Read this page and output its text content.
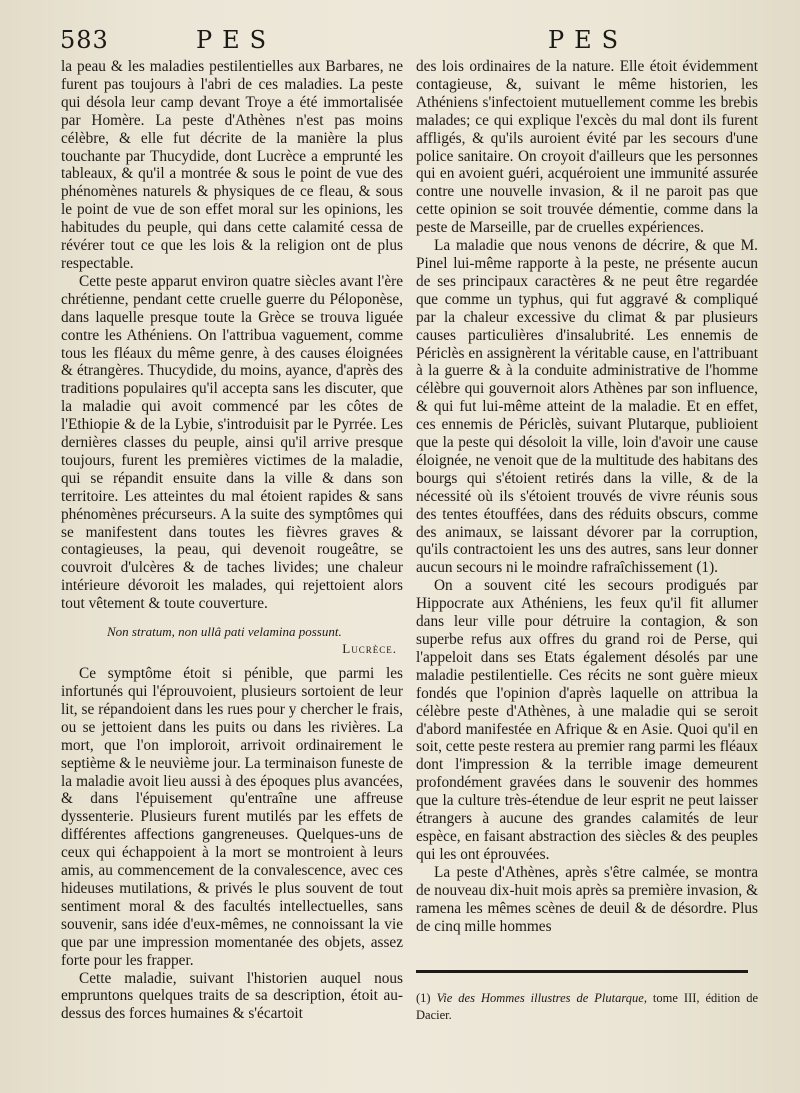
583	PES	PES

la peau & les maladies pestilentielles aux Barbares, ne furent pas toujours à l'abri de ces maladies. La peste qui désola leur camp devant Troye a été immortalisée par Homère. La peste d'Athènes n'est pas moins célèbre, & elle fut décrite de la manière la plus touchante par Thucydide, dont Lucrèce a emprunté les tableaux, & qu'il a montrée & sous le point de vue des phénomènes naturels & physiques de ce fleau, & sous le point de vue de son effet moral sur les opinions, les habitudes du peuple, qui dans cette calamité cessa de révérer tout ce que les lois & la religion ont de plus respectable.

Cette peste apparut environ quatre siècles avant l'ère chrétienne, pendant cette cruelle guerre du Péloponèse, dans laquelle presque toute la Grèce se trouva liguée contre les Athéniens. On l'attribua vaguement, comme tous les fléaux du même genre, à des causes éloignées & étrangères. Thucydide, du moins, ayance, d'après des traditions populaires qu'il accepta sans les discuter, que la maladie qui avoit commencé par les côtes de l'Ethiopie & de la Lybie, s'introduisit par le Pyrrée. Les dernières classes du peuple, ainsi qu'il arrive presque toujours, furent les premières victimes de la maladie, qui se répandit ensuite dans la ville & dans son territoire. Les atteintes du mal étoient rapides & sans phénomènes précurseurs. A la suite des symptômes qui se manifestent dans toutes les fièvres graves & contagieuses, la peau, qui devenoit rougeâtre, se couvroit d'ulcères & de taches livides; une chaleur intérieure dévoroit les malades, qui rejettoient alors tout vêtement & toute couverture.

Non stratum, non ullâ pati velamina possunt.
Lucrèce.

Ce symptôme étoit si pénible, que parmi les infortunés qui l'éprouvoient, plusieurs sortoient de leur lit, se répandoient dans les rues pour y chercher le frais, ou se jettoient dans les puits ou dans les rivières. La mort, que l'on imploroit, arrivoit ordinairement le septième & le neuvième jour. La terminaison funeste de la maladie avoit lieu aussi à des époques plus avancées, & dans l'épuisement qu'entraîne une affreuse dyssenterie. Plusieurs furent mutilés par les effets de différentes affections gangreneuses. Quelques-uns de ceux qui échappoient à la mort se montroient à leurs amis, au commencement de la convalescence, avec ces hideuses mutilations, & privés le plus souvent de tout sentiment moral & des facultés intellectuelles, sans souvenir, sans idée d'eux-mêmes, ne connoissant la vie que par une impression momentanée des objets, assez forte pour les frapper.

Cette maladie, suivant l'historien auquel nous empruntons quelques traits de sa description, étoit au-dessus des forces humaines & s'écartoit

des lois ordinaires de la nature. Elle étoit évidemment contagieuse, &, suivant le même historien, les Athéniens s'infectoient mutuellement comme les brebis malades; ce qui explique l'excès du mal dont ils furent affligés, & qu'ils auroient évité par les secours d'une police sanitaire. On croyoit d'ailleurs que les personnes qui en avoient guéri, acquéroient une immunité assurée contre une nouvelle invasion, & il ne paroit pas que cette opinion se soit trouvée démentie, comme dans la peste de Marseille, par de cruelles expériences.

La maladie que nous venons de décrire, & que M. Pinel lui-même rapporte à la peste, ne présente aucun de ses principaux caractères & ne peut être regardée que comme un typhus, qui fut aggravé & compliqué par la chaleur excessive du climat & par plusieurs causes particulières d'insalubrité. Les ennemis de Périclès en assignèrent la véritable cause, en l'attribuant à la guerre & à la conduite administrative de l'homme célèbre qui gouvernoit alors Athènes par son influence, & qui fut lui-même atteint de la maladie. Et en effet, ces ennemis de Périclès, suivant Plutarque, publioient que la peste qui désoloit la ville, loin d'avoir une cause éloignée, ne venoit que de la multitude des habitans des bourgs qui s'étoient retirés dans la ville, & de la nécessité où ils s'étoient trouvés de vivre réunis sous des tentes étouffées, dans des réduits obscurs, comme des animaux, se laissant dévorer par la corruption, qu'ils contractoient les uns des autres, sans leur donner aucun secours ni le moindre rafraîchissement (1).

On a souvent cité les secours prodigués par Hippocrate aux Athéniens, les feux qu'il fit allumer dans leur ville pour détruire la contagion, & son superbe refus aux offres du grand roi de Perse, qui l'appeloit dans ses Etats également désolés par une maladie pestilentielle. Ces récits ne sont guère mieux fondés que l'opinion d'après laquelle on attribua la célèbre peste d'Athènes, à une maladie qui se seroit d'abord manifestée en Afrique & en Asie. Quoi qu'il en soit, cette peste restera au premier rang parmi les fléaux dont l'impression & la terrible image demeurent profondément gravées dans le souvenir des hommes que la culture très-étendue de leur esprit ne peut laisser étrangers à aucune des grandes calamités de leur espèce, en faisant abstraction des siècles & des peuples qui les ont éprouvées.

La peste d'Athènes, après s'être calmée, se montra de nouveau dix-huit mois après sa première invasion, & ramena les mêmes scènes de deuil & de désordre. Plus de cinq mille hommes

(1) Vie des Hommes illustres de Plutarque, tome III, édition de Dacier.
